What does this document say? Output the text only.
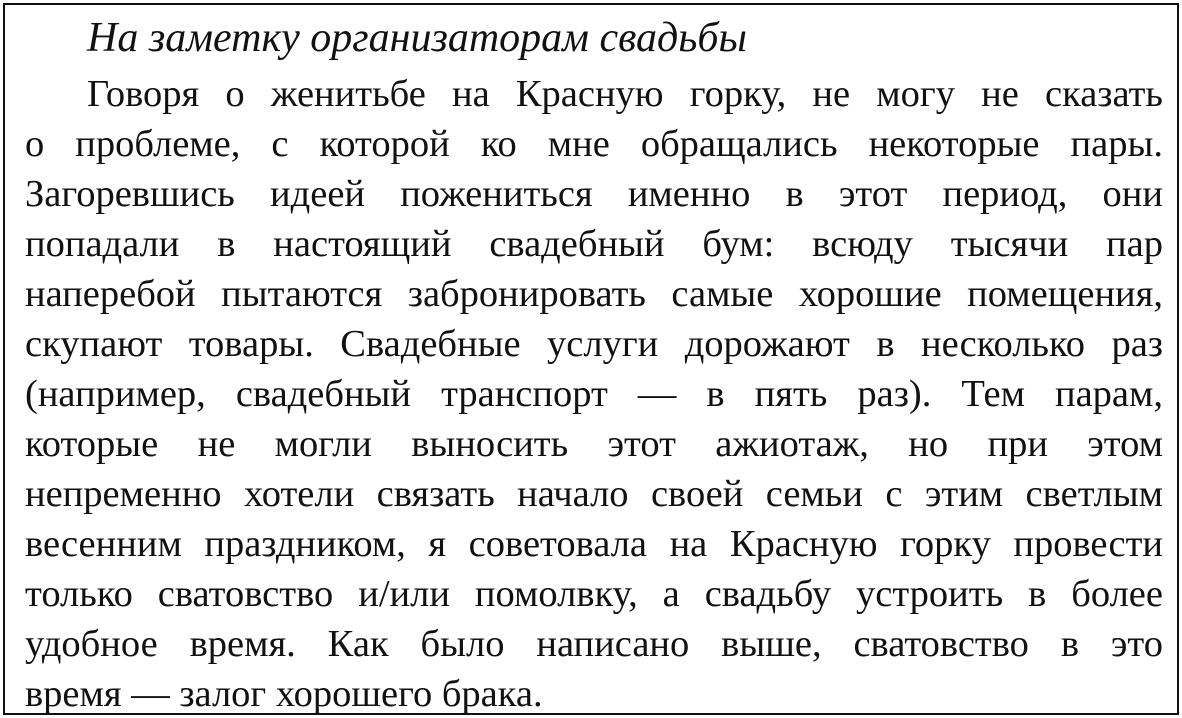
На заметку организаторам свадьбы
Говоря о женитьбе на Красную горку, не могу не сказать
о проблеме, с которой ко мне обращались некоторые пары.
Загоревшись идеей пожениться именно в этот период, они
попадали в настоящий свадебный бум: всюду тысячи пар
наперебой пытаются забронировать самые хорошие помещения,
скупают товары. Свадебные услуги дорожают в несколько раз
(например, свадебный транспорт — в пять раз). Тем парам,
которые не могли выносить этот ажиотаж, но при этом
непременно хотели связать начало своей семьи с этим светлым
весенним праздником, я советовала на Красную горку провести
только сватовство и/или помолвку, а свадьбу устроить в более
удобное время. Как было написано выше, сватовство в это
время — залог хорошего брака.
